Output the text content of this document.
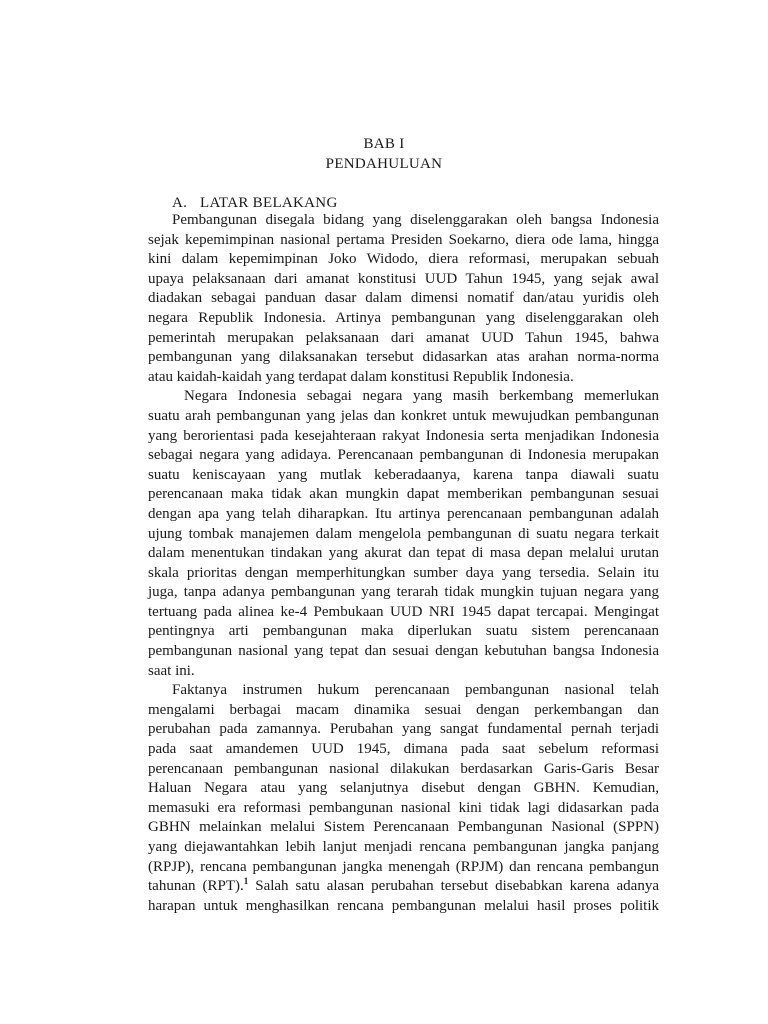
BAB I
PENDAHULUAN
A. LATAR BELAKANG
Pembangunan disegala bidang yang diselenggarakan oleh bangsa Indonesia
sejak kepemimpinan nasional pertama Presiden Soekarno, diera ode lama, hingga
kini dalam kepemimpinan Joko Widodo, diera reformasi, merupakan sebuah
upaya pelaksanaan dari amanat konstitusi UUD Tahun 1945, yang sejak awal
diadakan sebagai panduan dasar dalam dimensi nomatif dan/atau yuridis oleh
negara Republik Indonesia. Artinya pembangunan yang diselenggarakan oleh
pemerintah merupakan pelaksanaan dari amanat UUD Tahun 1945, bahwa
pembangunan yang dilaksanakan tersebut didasarkan atas arahan norma-norma
atau kaidah-kaidah yang terdapat dalam konstitusi Republik Indonesia.
Negara Indonesia sebagai negara yang masih berkembang memerlukan
suatu arah pembangunan yang jelas dan konkret untuk mewujudkan pembangunan
yang berorientasi pada kesejahteraan rakyat Indonesia serta menjadikan Indonesia
sebagai negara yang adidaya. Perencanaan pembangunan di Indonesia merupakan
suatu keniscayaan yang mutlak keberadaanya, karena tanpa diawali suatu
perencanaan maka tidak akan mungkin dapat memberikan pembangunan sesuai
dengan apa yang telah diharapkan. Itu artinya perencanaan pembangunan adalah
ujung tombak manajemen dalam mengelola pembangunan di suatu negara terkait
dalam menentukan tindakan yang akurat dan tepat di masa depan melalui urutan
skala prioritas dengan memperhitungkan sumber daya yang tersedia. Selain itu
juga, tanpa adanya pembangunan yang terarah tidak mungkin tujuan negara yang
tertuang pada alinea ke-4 Pembukaan UUD NRI 1945 dapat tercapai. Mengingat
pentingnya arti pembangunan maka diperlukan suatu sistem perencanaan
pembangunan nasional yang tepat dan sesuai dengan kebutuhan bangsa Indonesia
saat ini.
Faktanya instrumen hukum perencanaan pembangunan nasional telah
mengalami berbagai macam dinamika sesuai dengan perkembangan dan
perubahan pada zamannya. Perubahan yang sangat fundamental pernah terjadi
pada saat amandemen UUD 1945, dimana pada saat sebelum reformasi
perencanaan pembangunan nasional dilakukan berdasarkan Garis-Garis Besar
Haluan Negara atau yang selanjutnya disebut dengan GBHN. Kemudian,
memasuki era reformasi pembangunan nasional kini tidak lagi didasarkan pada
GBHN melainkan melalui Sistem Perencanaan Pembangunan Nasional (SPPN)
yang diejawantahkan lebih lanjut menjadi rencana pembangunan jangka panjang
(RPJP), rencana pembangunan jangka menengah (RPJM) dan rencana pembangun
tahunan (RPT).$^1$ Salah satu alasan perubahan tersebut disebabkan karena adanya
harapan untuk menghasilkan rencana pembangunan melalui hasil proses politik
